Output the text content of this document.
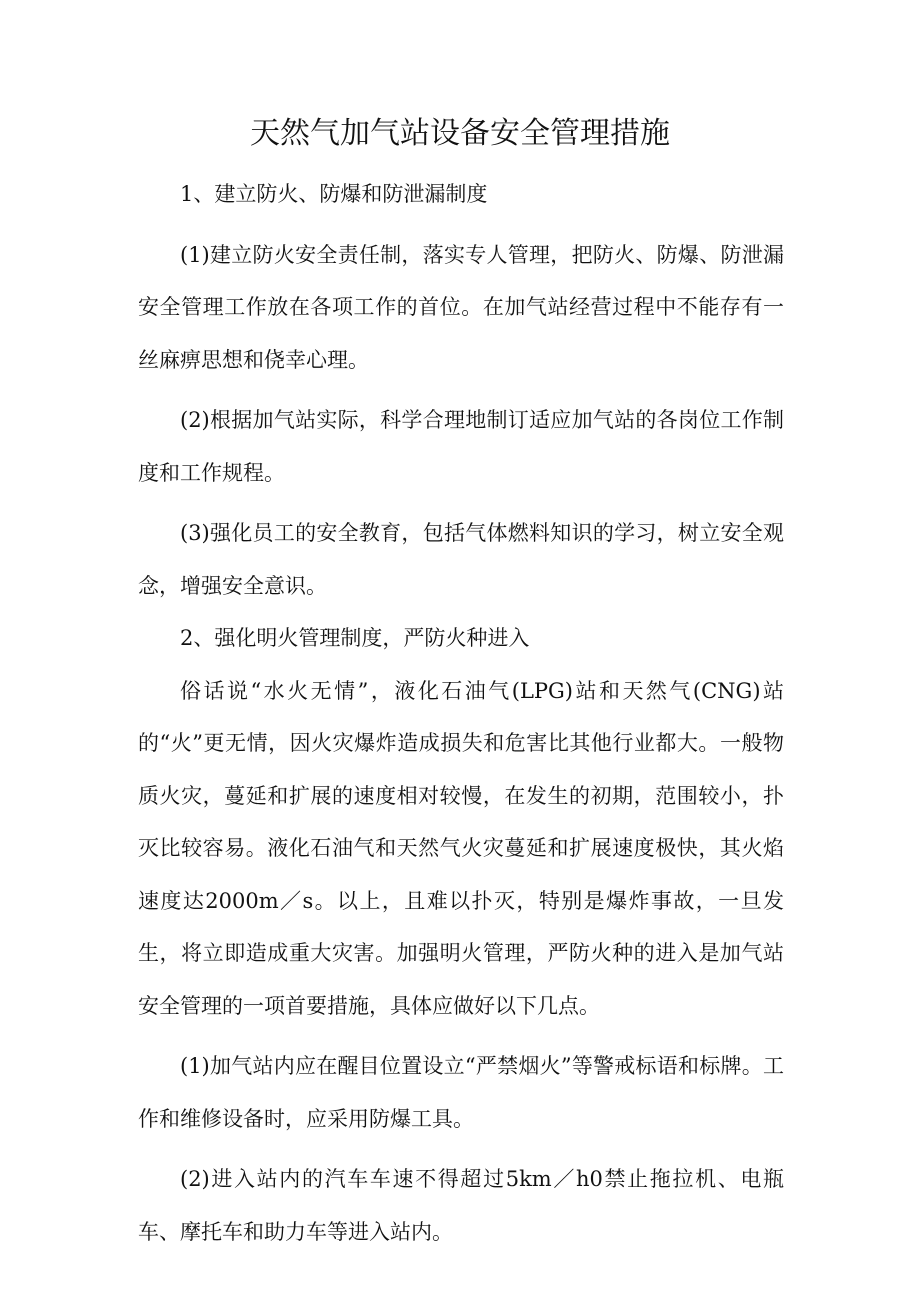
天然气加气站设备安全管理措施

1、建立防火、防爆和防泄漏制度

(1)建立防火安全责任制，落实专人管理，把防火、防爆、防泄漏安全管理工作放在各项工作的首位。在加气站经营过程中不能存有一丝麻痹思想和侥幸心理。

(2)根据加气站实际，科学合理地制订适应加气站的各岗位工作制度和工作规程。

(3)强化员工的安全教育，包括气体燃料知识的学习，树立安全观念，增强安全意识。

2、强化明火管理制度，严防火种进入

俗话说“水火无情”，液化石油气(LPG)站和天然气(CNG)站的“火”更无情，因火灾爆炸造成损失和危害比其他行业都大。一般物质火灾，蔓延和扩展的速度相对较慢，在发生的初期，范围较小，扑灭比较容易。液化石油气和天然气火灾蔓延和扩展速度极快，其火焰速度达2000m／s。以上，且难以扑灭，特别是爆炸事故，一旦发生，将立即造成重大灾害。加强明火管理，严防火种的进入是加气站安全管理的一项首要措施，具体应做好以下几点。

(1)加气站内应在醒目位置设立“严禁烟火”等警戒标语和标牌。工作和维修设备时，应采用防爆工具。

(2)进入站内的汽车车速不得超过5km／h0禁止拖拉机、电瓶车、摩托车和助力车等进入站内。
